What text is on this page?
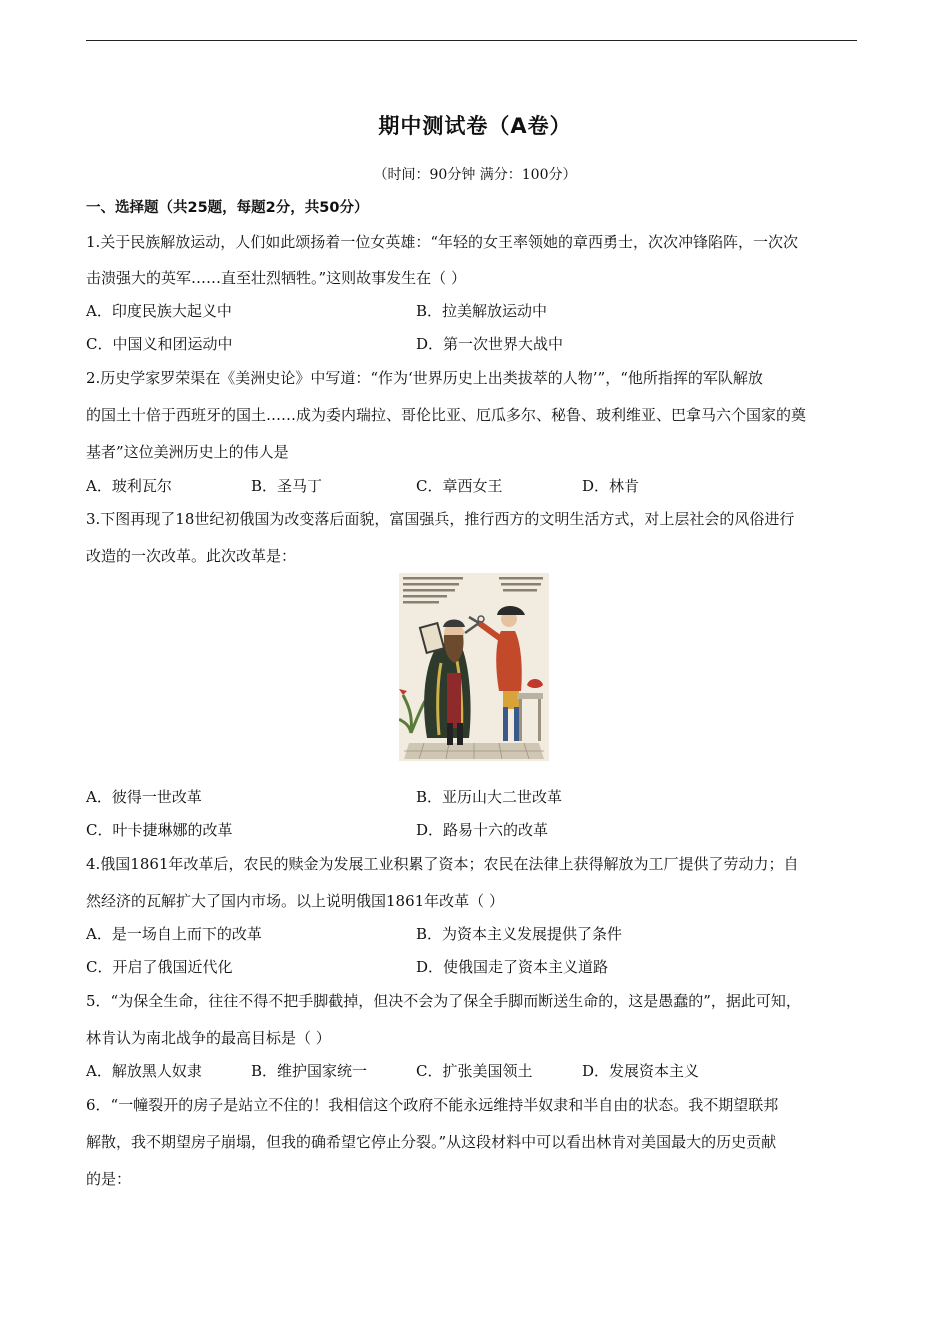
期中测试卷（A卷）
（时间：90分钟 满分：100分）
一、选择题（共25题，每题2分，共50分）
1.关于民族解放运动，人们如此颂扬着一位女英雄：“年轻的女王率领她的章西勇士，次次冲锋陷阵，一次次
击溃强大的英军……直至壮烈牺牲。”这则故事发生在（ ）
A．印度民族大起义中	B．拉美解放运动中
C．中国义和团运动中	D．第一次世界大战中
2.历史学家罗荣渠在《美洲史论》中写道：“作为‘世界历史上出类拔萃的人物’”，“他所指挥的军队解放
的国土十倍于西班牙的国土……成为委内瑞拉、哥伦比亚、厄瓜多尔、秘鲁、玻利维亚、巴拿马六个国家的奠
基者”这位美洲历史上的伟人是
A．玻利瓦尔	B．圣马丁	C．章西女王	D．林肯
3.下图再现了18世纪初俄国为改变落后面貌，富国强兵，推行西方的文明生活方式，对上层社会的风俗进行
改造的一次改革。此次改革是：
A．彼得一世改革	B．亚历山大二世改革
C．叶卡捷琳娜的改革	D．路易十六的改革
4.俄国1861年改革后，农民的赎金为发展工业积累了资本；农民在法律上获得解放为工厂提供了劳动力；自
然经济的瓦解扩大了国内市场。以上说明俄国1861年改革（ ）
A．是一场自上而下的改革	B．为资本主义发展提供了条件
C．开启了俄国近代化	D．使俄国走了资本主义道路
5．“为保全生命，往往不得不把手脚截掉，但决不会为了保全手脚而断送生命的，这是愚蠢的”，据此可知，
林肯认为南北战争的最高目标是（ ）
A．解放黑人奴隶	B．维护国家统一	C．扩张美国领土	D．发展资本主义
6．“一幢裂开的房子是站立不住的！我相信这个政府不能永远维持半奴隶和半自由的状态。我不期望联邦
解散，我不期望房子崩塌，但我的确希望它停止分裂。”从这段材料中可以看出林肯对美国最大的历史贡献
的是：
